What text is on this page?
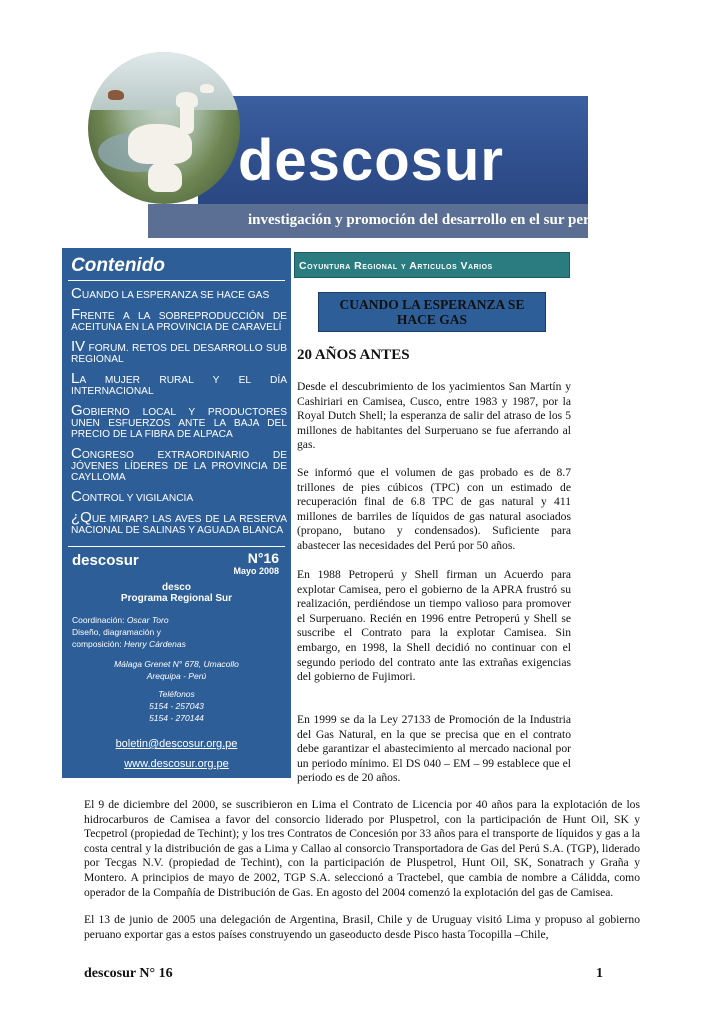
descosur
investigación y promoción del desarrollo en el sur peruano
Contenido
CUANDO LA ESPERANZA SE HACE GAS
FRENTE A LA SOBREPRODUCCIÓN DE ACEITUNA EN LA PROVINCIA DE CARAVELÍ
IV FORUM. RETOS DEL DESARROLLO SUB REGIONAL
LA MUJER RURAL Y EL DÍA INTERNACIONAL
GOBIERNO LOCAL Y PRODUCTORES UNEN ESFUERZOS ANTE LA BAJA DEL PRECIO DE LA FIBRA DE ALPACA
CONGRESO EXTRAORDINARIO DE JÓVENES LÍDERES DE LA PROVINCIA DE CAYLLOMA
CONTROL Y VIGILANCIA
¿QUE MIRAR? LAS AVES DE LA RESERVA NACIONAL DE SALINAS Y AGUADA BLANCA
descosur	N°16
Mayo 2008
desco
Programa Regional Sur
Coordinación: Oscar Toro
Diseño, diagramación y
composición: Henry Cárdenas
Málaga Grenet N° 678, Umacollo
Arequipa - Perú
Teléfonos
5154 - 257043
5154 - 270144
boletin@descosur.org.pe
www.descosur.org.pe
Coyuntura Regional y Articulos Varios
CUANDO LA ESPERANZA SE HACE GAS
20 AÑOS ANTES

Desde el descubrimiento de los yacimientos San Martín y Cashiriari en Camisea, Cusco, entre 1983 y 1987, por la Royal Dutch Shell; la esperanza de salir del atraso de los 5 millones de habitantes del Surperuano se fue aferrando al gas.

Se informó que el volumen de gas probado es de 8.7 trillones de pies cúbicos (TPC) con un estimado de recuperación final de 6.8 TPC de gas natural y 411 millones de barriles de líquidos de gas natural asociados (propano, butano y condensados). Suficiente para abastecer las necesidades del Perú por 50 años.

En 1988 Petroperú y Shell firman un Acuerdo para explotar Camisea, pero el gobierno de la APRA frustró su realización, perdiéndose un tiempo valioso para promover el Surperuano. Recién en 1996 entre Petroperú y Shell se suscribe el Contrato para la explotar Camisea. Sin embargo, en 1998, la Shell decidió no continuar con el segundo periodo del contrato ante las extrañas exigencias del gobierno de Fujimori.

En 1999 se da la Ley 27133 de Promoción de la Industria del Gas Natural, en la que se precisa que en el contrato debe garantizar el abastecimiento al mercado nacional por un periodo mínimo. El DS 040 – EM – 99 establece que el periodo es de 20 años.

El 9 de diciembre del 2000, se suscribieron en Lima el Contrato de Licencia por 40 años para la explotación de los hidrocarburos de Camisea a favor del consorcio liderado por Pluspetrol, con la participación de Hunt Oil, SK y Tecpetrol (propiedad de Techint); y los tres Contratos de Concesión por 33 años para el transporte de líquidos y gas a la costa central y la distribución de gas a Lima y Callao al consorcio Transportadora de Gas del Perú S.A. (TGP), liderado por Tecgas N.V. (propiedad de Techint), con la participación de Pluspetrol, Hunt Oil, SK, Sonatrach y Graña y Montero. A principios de mayo de 2002, TGP S.A. seleccionó a Tractebel, que cambia de nombre a Cálidda, como operador de la Compañía de Distribución de Gas. En agosto del 2004 comenzó la explotación del gas de Camisea.

El 13 de junio de 2005 una delegación de Argentina, Brasil, Chile y de Uruguay visitó Lima y propuso al gobierno peruano exportar gas a estos países construyendo un gaseoducto desde Pisco hasta Tocopilla –Chile,

descosur N° 16	1
